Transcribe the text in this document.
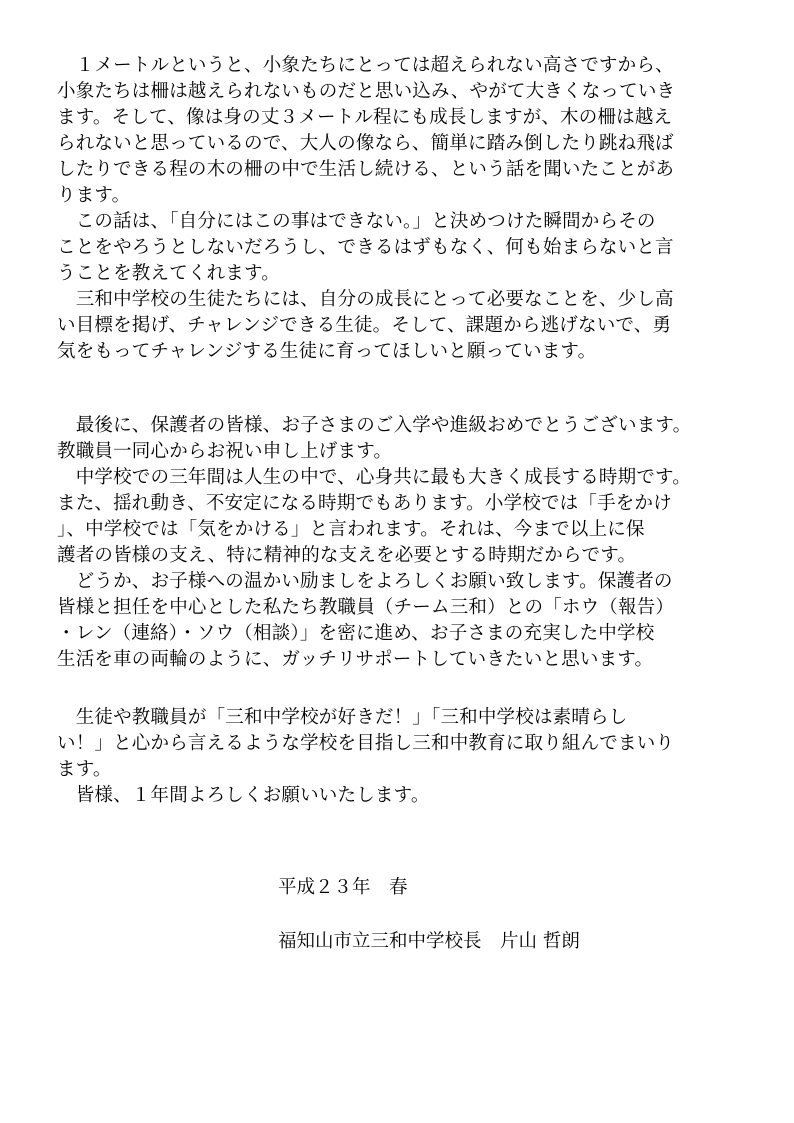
　１メートルというと、小象たちにとっては超えられない高さですから、
小象たちは柵は越えられないものだと思い込み、やがて大きくなっていき
ます。そして、像は身の丈３メートル程にも成長しますが、木の柵は越え
られないと思っているので、大人の像なら、簡単に踏み倒したり跳ね飛ば
したりできる程の木の柵の中で生活し続ける、という話を聞いたことがあ
ります。
　この話は、「自分にはこの事はできない。」と決めつけた瞬間からその
ことをやろうとしないだろうし、できるはずもなく、何も始まらないと言
うことを教えてくれます。
　三和中学校の生徒たちには、自分の成長にとって必要なことを、少し高
い目標を掲げ、チャレンジできる生徒。そして、課題から逃げないで、勇
気をもってチャレンジする生徒に育ってほしいと願っています。
　最後に、保護者の皆様、お子さまのご入学や進級おめでとうございます。
教職員一同心からお祝い申し上げます。
　中学校での三年間は人生の中で、心身共に最も大きく成長する時期です。
また、揺れ動き、不安定になる時期でもあります。小学校では「手をかけ
」、中学校では「気をかける」と言われます。それは、今まで以上に保
護者の皆様の支え、特に精神的な支えを必要とする時期だからです。
　どうか、お子様への温かい励ましをよろしくお願い致します。保護者の
皆様と担任を中心とした私たち教職員（チーム三和）との「ホウ（報告）
・レン（連絡）・ソウ（相談）」を密に進め、お子さまの充実した中学校
生活を車の両輪のように、ガッチリサポートしていきたいと思います。
　生徒や教職員が「三和中学校が好きだ！」「三和中学校は素晴らし
い！」と心から言えるような学校を目指し三和中教育に取り組んでまいり
ます。
　皆様、１年間よろしくお願いいたします。
平成２３年　春
福知山市立三和中学校長　片山 哲朗
